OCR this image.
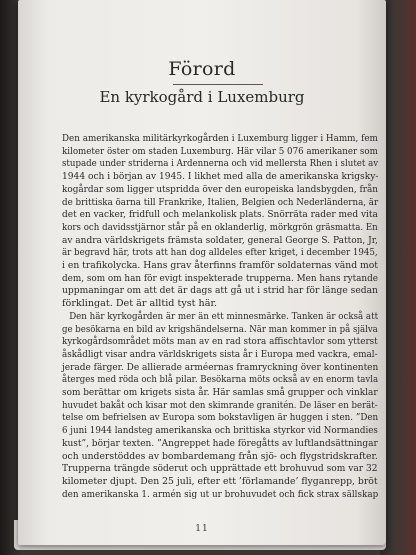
Förord
En kyrkogård i Luxemburg
Den amerikanska militärkyrkogården i Luxemburg ligger i Hamm, fem
kilometer öster om staden Luxemburg. Här vilar 5 076 amerikaner som
stupade under striderna i Ardennerna och vid mellersta Rhen i slutet av
1944 och i början av 1945. I likhet med alla de amerikanska krigsky-
kogårdar som ligger utspridda över den europeiska landsbygden, från
de brittiska öarna till Frankrike, Italien, Belgien och Nederländerna, är
det en vacker, fridfull och melankolisk plats. Snörräta rader med vita
kors och davidsstjärnor står på en oklanderlig, mörkgrön gräsmatta. En
av andra världskrigets främsta soldater, general George S. Patton, Jr,
är begravd här, trots att han dog alldeles efter kriget, i december 1945,
i en trafikolycka. Hans grav återfinns framför soldaternas vänd mot
dem, som om han för evigt inspekterade trupperna. Men hans rytande
uppmaningar om att det är dags att gå ut i strid har för länge sedan
förklingat. Det är alltid tyst här.
Den här kyrkogården är mer än ett minnesmärke. Tanken är också att
ge besökarna en bild av krigshändelserna. När man kommer in på själva
kyrkogårdsområdet möts man av en rad stora affischtavlor som ytterst
åskådligt visar andra världskrigets sista år i Europa med vackra, emal-
jerade färger. De allierade arméernas framryckning över kontinenten
återges med röda och blå pilar. Besökarna möts också av en enorm tavla
som berättar om krigets sista år. Här samlas små grupper och vinklar
huvudet bakåt och kisar mot den skimrande granitén. De läser en berät-
telse om befrielsen av Europa som bokstavligen är huggen i sten. ”Den
6 juni 1944 landsteg amerikanska och brittiska styrkor vid Normandies
kust”, börjar texten. ”Angreppet hade föregåtts av luftlandsättningar
och understöddes av bombardemang från sjö- och flygstridskrafter.
Trupperna trängde söderut och upprättade ett brohuvud som var 32
kilometer djupt. Den 25 juli, efter ett ’förlamande’ flyganrepp, bröt
den amerikanska 1. armén sig ut ur brohuvudet och fick strax sällskap
11
